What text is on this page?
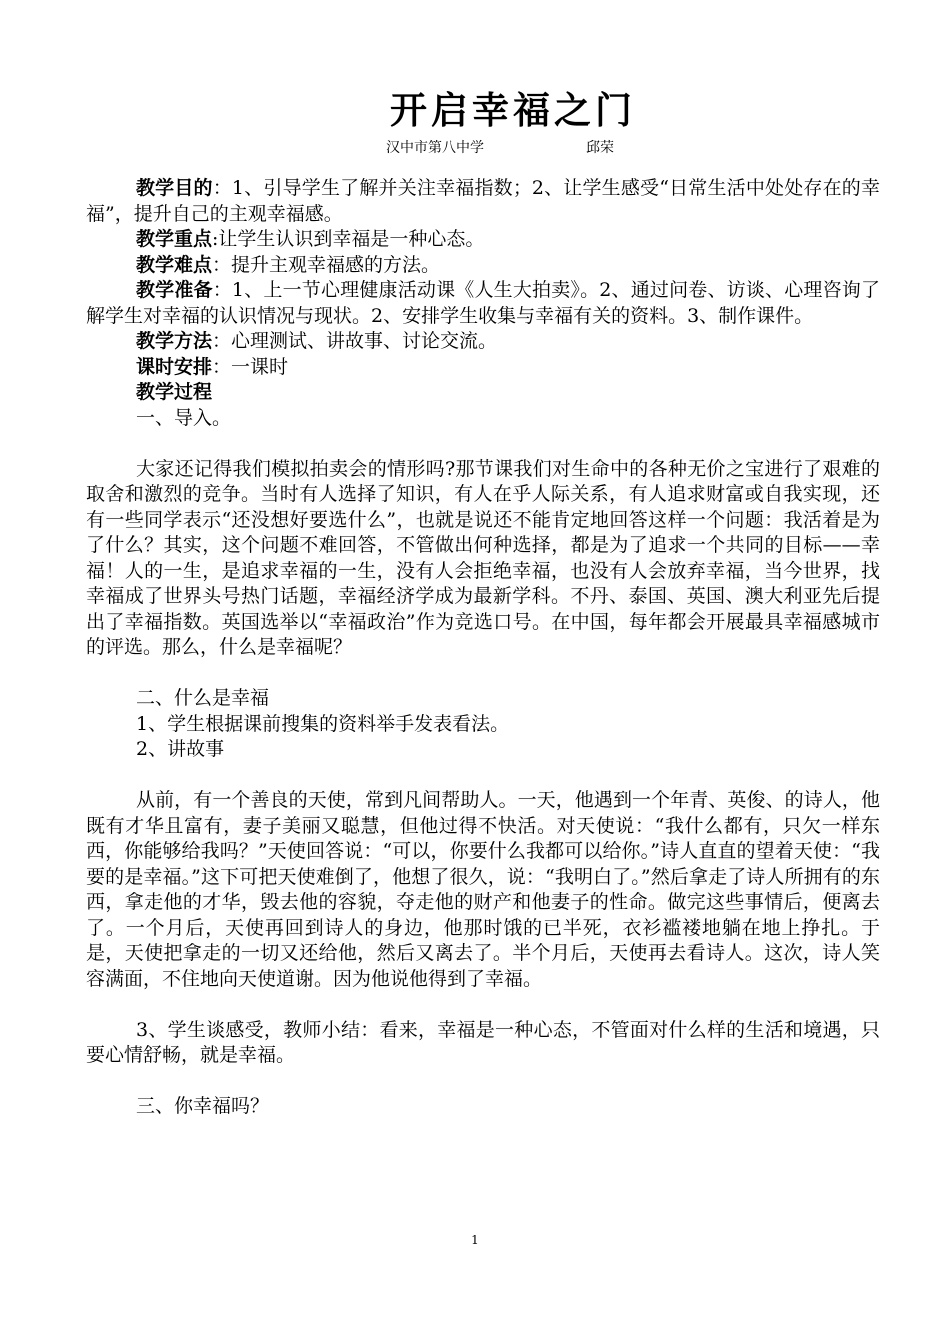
开启幸福之门
汉中市第八中学	邱荣

教学目的：1、引导学生了解并关注幸福指数；2、让学生感受“日常生活中处处存在的幸福”，提升自己的主观幸福感。

教学重点:让学生认识到幸福是一种心态。

教学难点：提升主观幸福感的方法。

教学准备：1、上一节心理健康活动课《人生大拍卖》。2、通过问卷、访谈、心理咨询了解学生对幸福的认识情况与现状。2、安排学生收集与幸福有关的资料。3、制作课件。

教学方法：心理测试、讲故事、讨论交流。

课时安排：一课时

教学过程

一、导入。

大家还记得我们模拟拍卖会的情形吗?那节课我们对生命中的各种无价之宝进行了艰难的取舍和激烈的竞争。当时有人选择了知识，有人在乎人际关系，有人追求财富或自我实现，还有一些同学表示“还没想好要选什么”，也就是说还不能肯定地回答这样一个问题：我活着是为了什么？其实，这个问题不难回答，不管做出何种选择，都是为了追求一个共同的目标——幸福！人的一生，是追求幸福的一生，没有人会拒绝幸福，也没有人会放弃幸福，当今世界，找幸福成了世界头号热门话题，幸福经济学成为最新学科。不丹、泰国、英国、澳大利亚先后提出了幸福指数。英国选举以“幸福政治”作为竞选口号。在中国，每年都会开展最具幸福感城市的评选。那么，什么是幸福呢？

二、什么是幸福

1、学生根据课前搜集的资料举手发表看法。

2、讲故事

从前，有一个善良的天使，常到凡间帮助人。一天，他遇到一个年青、英俊、的诗人，他既有才华且富有，妻子美丽又聪慧，但他过得不快活。对天使说：“我什么都有，只欠一样东西，你能够给我吗？”天使回答说：“可以，你要什么我都可以给你。”诗人直直的望着天使：“我要的是幸福。”这下可把天使难倒了，他想了很久，说：“我明白了。”然后拿走了诗人所拥有的东西，拿走他的才华，毁去他的容貌，夺走他的财产和他妻子的性命。做完这些事情后，便离去了。一个月后，天使再回到诗人的身边，他那时饿的已半死，衣衫褴褛地躺在地上挣扎。于是，天使把拿走的一切又还给他，然后又离去了。半个月后，天使再去看诗人。这次，诗人笑容满面，不住地向天使道谢。因为他说他得到了幸福。

3、学生谈感受，教师小结：看来，幸福是一种心态，不管面对什么样的生活和境遇，只要心情舒畅，就是幸福。

三、你幸福吗？

1
